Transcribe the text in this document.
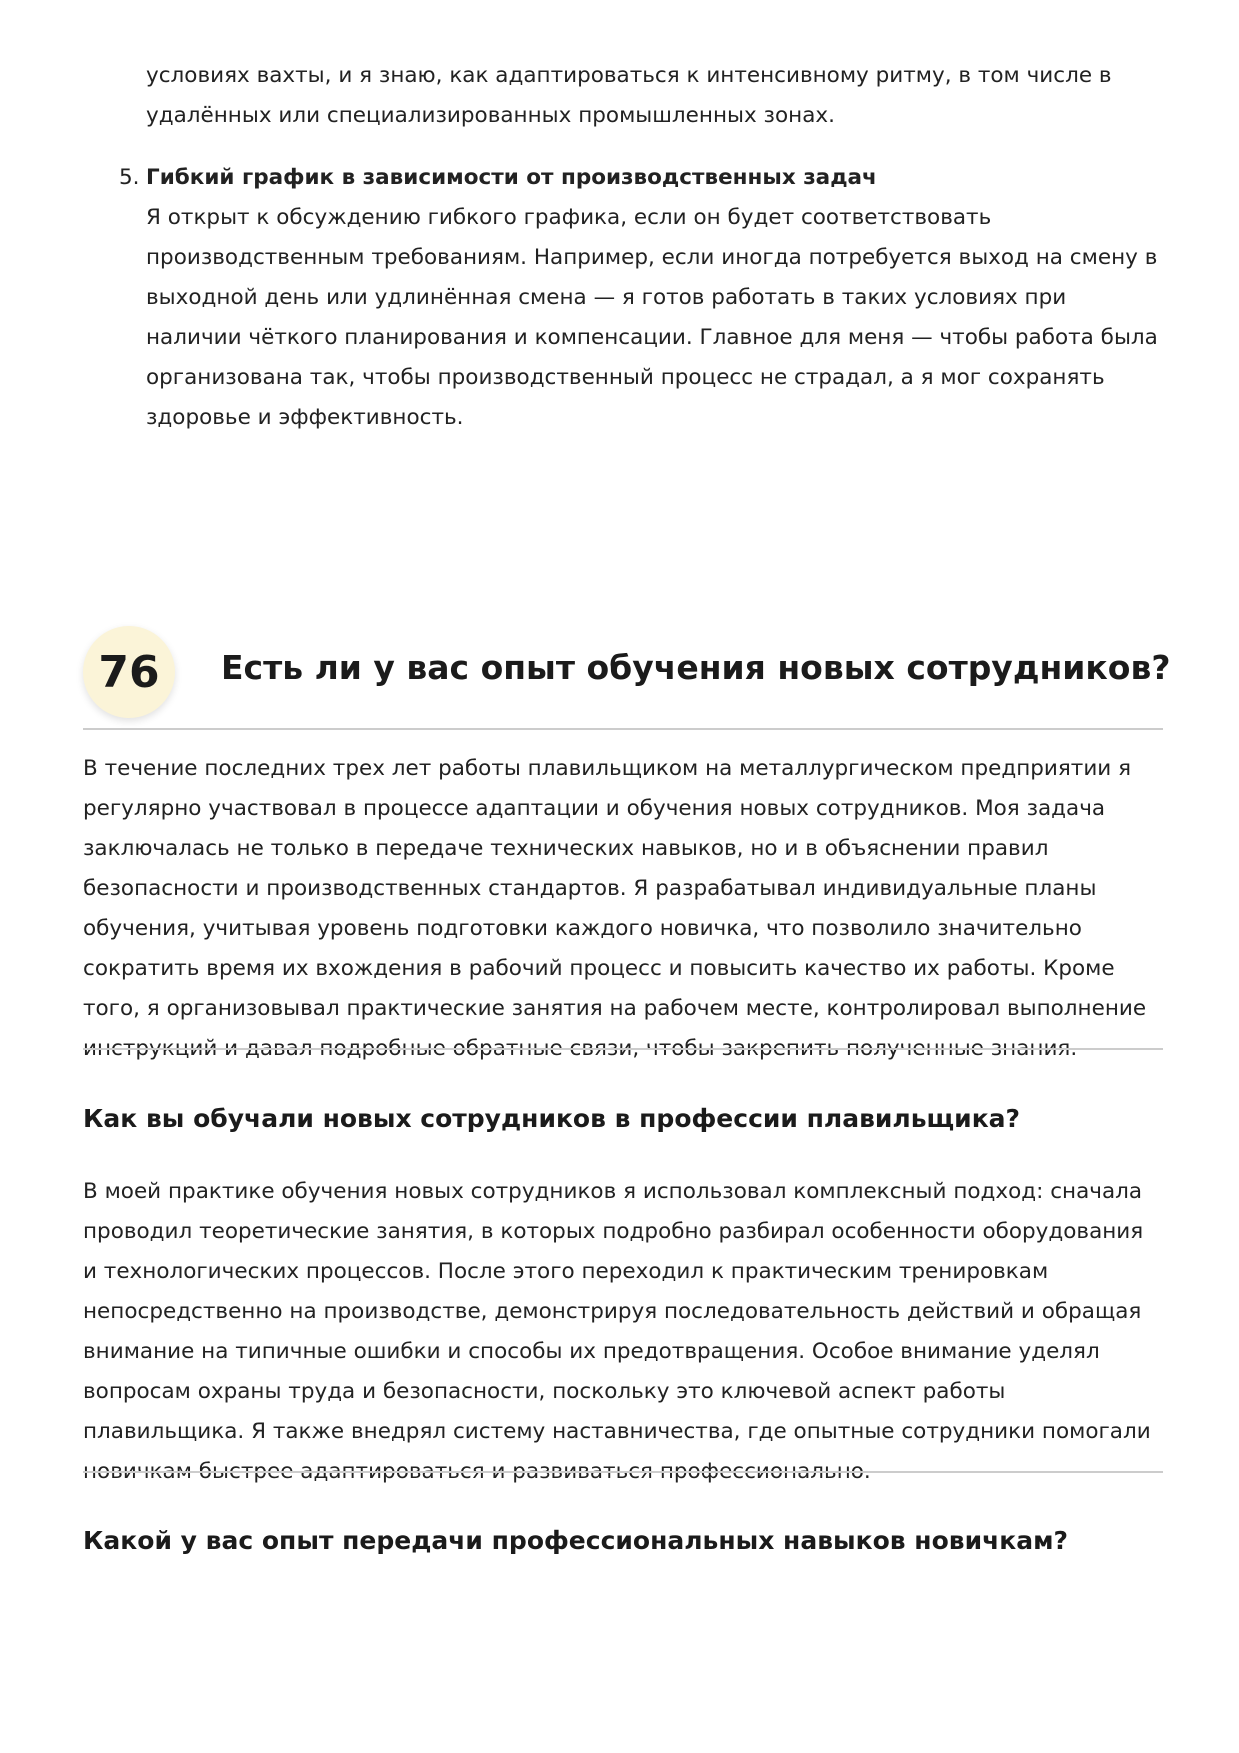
условиях вахты, и я знаю, как адаптироваться к интенсивному ритму, в том числе в удалённых или специализированных промышленных зонах.
5. Гибкий график в зависимости от производственных задач
Я открыт к обсуждению гибкого графика, если он будет соответствовать производственным требованиям. Например, если иногда потребуется выход на смену в выходной день или удлинённая смена — я готов работать в таких условиях при наличии чёткого планирования и компенсации. Главное для меня — чтобы работа была организована так, чтобы производственный процесс не страдал, а я мог сохранять здоровье и эффективность.
76	Есть ли у вас опыт обучения новых сотрудников?
В течение последних трех лет работы плавильщиком на металлургическом предприятии я регулярно участвовал в процессе адаптации и обучения новых сотрудников. Моя задача заключалась не только в передаче технических навыков, но и в объяснении правил безопасности и производственных стандартов. Я разрабатывал индивидуальные планы обучения, учитывая уровень подготовки каждого новичка, что позволило значительно сократить время их вхождения в рабочий процесс и повысить качество их работы. Кроме того, я организовывал практические занятия на рабочем месте, контролировал выполнение инструкций и давал подробные обратные связи, чтобы закрепить полученные знания.
Как вы обучали новых сотрудников в профессии плавильщика?
В моей практике обучения новых сотрудников я использовал комплексный подход: сначала проводил теоретические занятия, в которых подробно разбирал особенности оборудования и технологических процессов. После этого переходил к практическим тренировкам непосредственно на производстве, демонстрируя последовательность действий и обращая внимание на типичные ошибки и способы их предотвращения. Особое внимание уделял вопросам охраны труда и безопасности, поскольку это ключевой аспект работы плавильщика. Я также внедрял систему наставничества, где опытные сотрудники помогали новичкам быстрее адаптироваться и развиваться профессионально.
Какой у вас опыт передачи профессиональных навыков новичкам?
